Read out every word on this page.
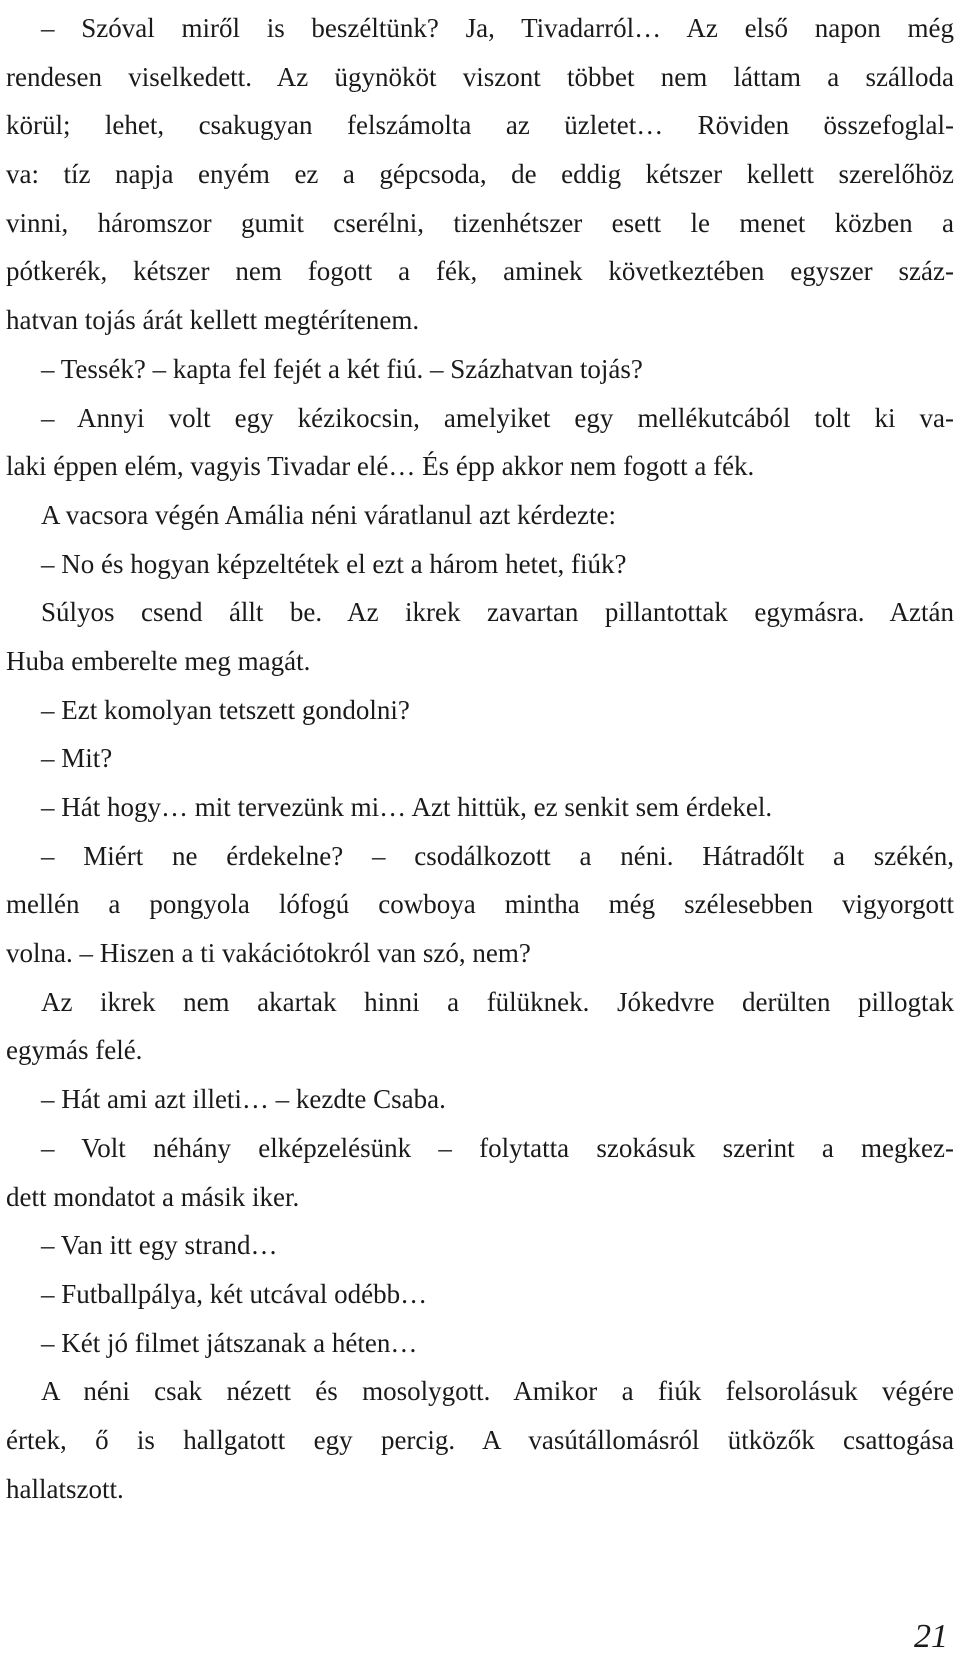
– Szóval miről is beszéltünk? Ja, Tivadarról… Az első napon még
rendesen viselkedett. Az ügynököt viszont többet nem láttam a szálloda
körül; lehet, csakugyan felszámolta az üzletet… Röviden összefoglal-
va: tíz napja enyém ez a gépcsoda, de eddig kétszer kellett szerelőhöz
vinni, háromszor gumit cserélni, tizenhétszer esett le menet közben a
pótkerék, kétszer nem fogott a fék, aminek következtében egyszer száz-
hatvan tojás árát kellett megtérítenem.
– Tessék? – kapta fel fejét a két fiú. – Százhatvan tojás?
– Annyi volt egy kézikocsin, amelyiket egy mellékutcából tolt ki va-
laki éppen elém, vagyis Tivadar elé… És épp akkor nem fogott a fék.
A vacsora végén Amália néni váratlanul azt kérdezte:
– No és hogyan képzeltétek el ezt a három hetet, fiúk?
Súlyos csend állt be. Az ikrek zavartan pillantottak egymásra. Aztán
Huba emberelte meg magát.
– Ezt komolyan tetszett gondolni?
– Mit?
– Hát hogy… mit tervezünk mi… Azt hittük, ez senkit sem érdekel.
– Miért ne érdekelne? – csodálkozott a néni. Hátradőlt a székén,
mellén a pongyola lófogú cowboya mintha még szélesebben vigyorgott
volna. – Hiszen a ti vakációtokról van szó, nem?
Az ikrek nem akartak hinni a fülüknek. Jókedvre derülten pillogtak
egymás felé.
– Hát ami azt illeti… – kezdte Csaba.
– Volt néhány elképzelésünk – folytatta szokásuk szerint a megkez-
dett mondatot a másik iker.
– Van itt egy strand…
– Futballpálya, két utcával odébb…
– Két jó filmet játszanak a héten…
A néni csak nézett és mosolygott. Amikor a fiúk felsorolásuk végére
értek, ő is hallgatott egy percig. A vasútállomásról ütközők csattogása
hallatszott.
21
